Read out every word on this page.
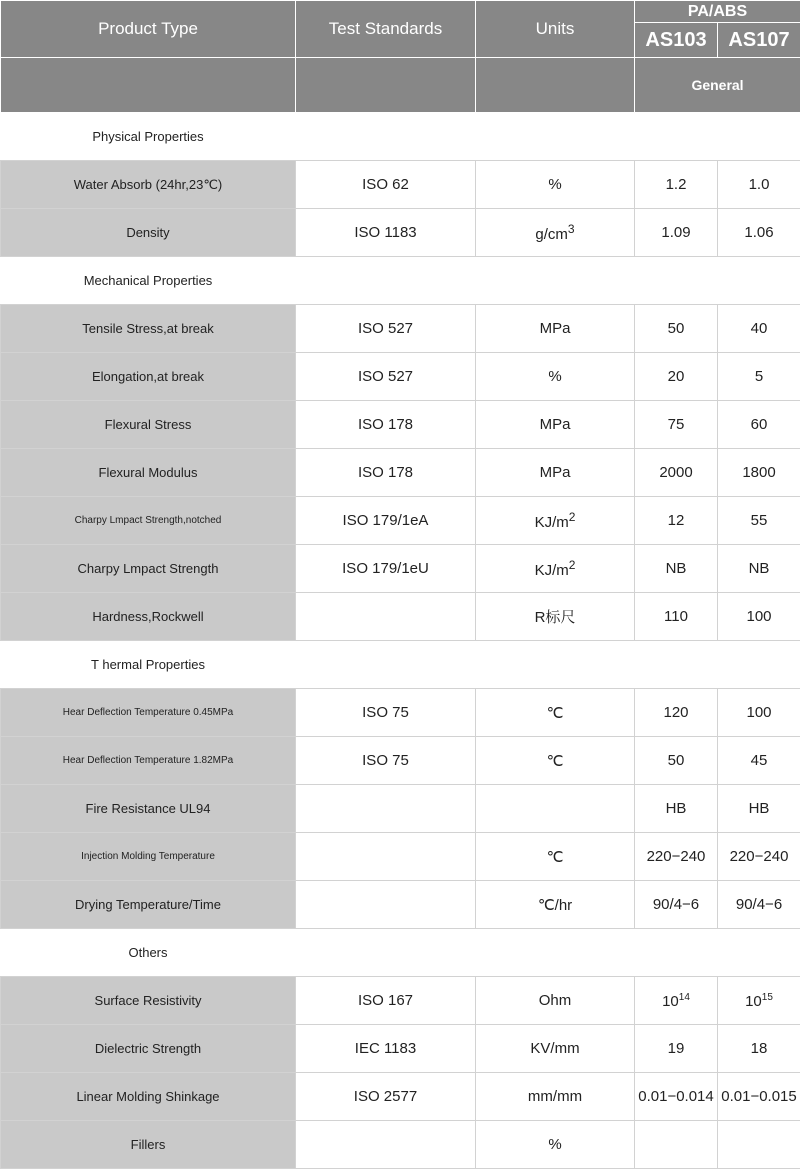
Product Type	Test Standards	Units	PA/ABS	
			AS103	AS107
			General	
Physical Properties				
Water Absorb (24hr,23℃)	ISO 62	%	1.2	1.0
Density	ISO 1183	$g/cm^3$	1.09	1.06
Mechanical Properties				
Tensile Stress,at break	ISO 527	MPa	50	40
Elongation,at break	ISO 527	%	20	5
Flexural Stress	ISO 178	MPa	75	60
Flexural Modulus	ISO 178	MPa	2000	1800
Charpy Lmpact Strength,notched	ISO 179/1eA	$KJ/m^2$	12	55
Charpy Lmpact Strength	ISO 179/1eU	$KJ/m^2$	NB	NB
Hardness,Rockwell		R标尺	110	100
T hermal Properties				
Hear Deflection Temperature 0.45MPa	ISO 75	℃	120	100
Hear Deflection Temperature 1.82MPa	ISO 75	℃	50	45
Fire Resistance UL94			HB	HB
Injection Molding Temperature		℃	220−240	220−240
Drying Temperature/Time		℃/hr	90/4−6	90/4−6
Others				
Surface Resistivity	ISO 167	Ohm	$10^{14}$	$10^{15}$
Dielectric Strength	IEC 1183	KV/mm	19	18
Linear Molding Shinkage	ISO 2577	mm/mm	0.01−0.014	0.01−0.015
Fillers		%		
